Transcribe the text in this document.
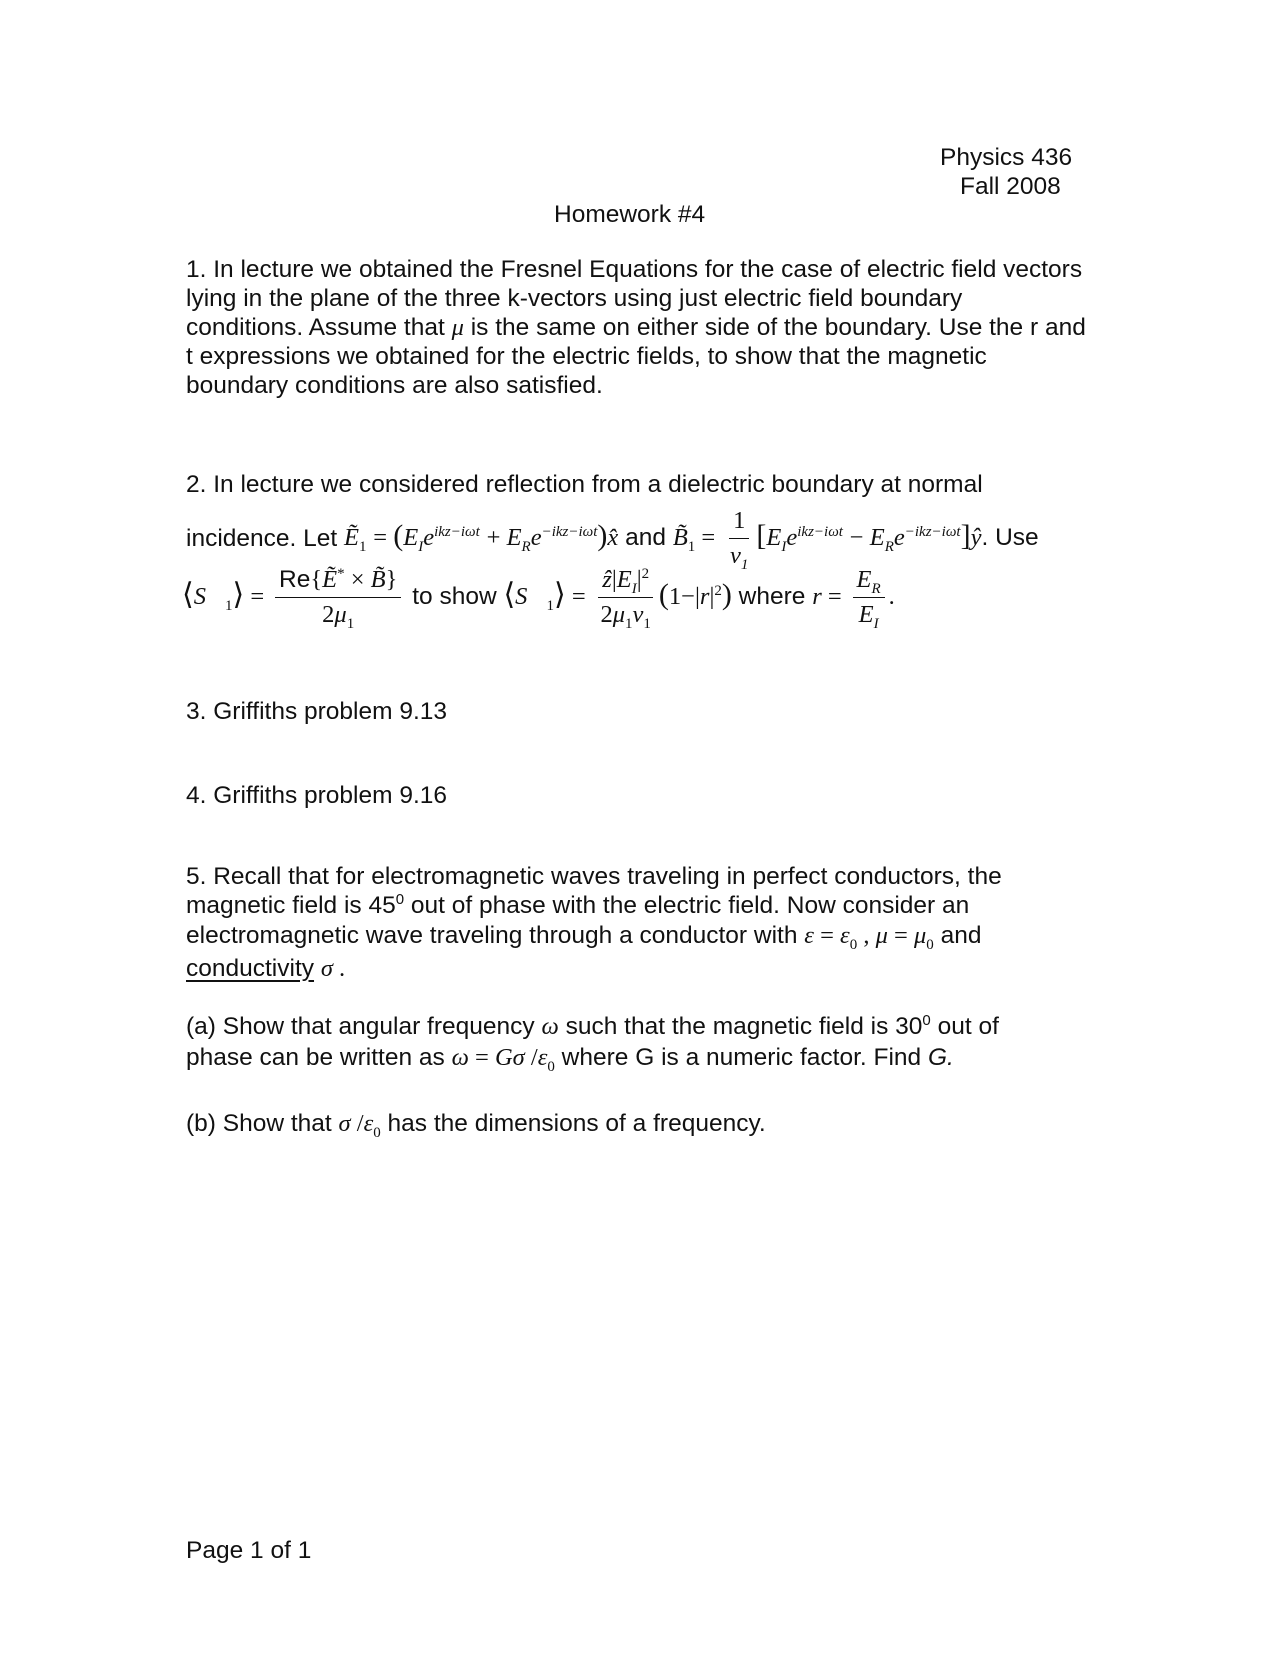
Physics 436
Fall 2008
Homework #4
1. In lecture we obtained the Fresnel Equations for the case of electric field vectors lying in the plane of the three k-vectors using just electric field boundary conditions. Assume that μ is the same on either side of the boundary. Use the r and t expressions we obtained for the electric fields, to show that the magnetic boundary conditions are also satisfied.
2. In lecture we considered reflection from a dielectric boundary at normal
incidence. Let Ẽ$_1$ = ($E_Ie^{ikz-i\omega t}$ + $E_Re^{-ikz-i\omega t})x̂$ and $B̃_1 = \frac{1}{v_1} [E_Ie^{ikz-i\omega t}$ − $E_Re^{-ikz-i\omega t}]ŷ$. Use
$⟨S⃗_1⟩ = \frac{Re\{Ẽ^* \times B̃\}}{2\mu_1}$ to show $⟨S⃗_1⟩ = \frac{ẑ|E_I|^2}{2\mu_1v_1} (1-|r|^2)$ where $r = \frac{E_R}{E_I}$ .
3. Griffiths problem 9.13
4. Griffiths problem 9.16
5. Recall that for electromagnetic waves traveling in perfect conductors, the
magnetic field is $45^0$ out of phase with the electric field. Now consider an
electromagnetic wave traveling through a conductor with $\varepsilon = \varepsilon_0$ , $\mu = \mu_0$ and
conductivity σ .
(a) Show that angular frequency ω such that the magnetic field is $30^0$ out of
phase can be written as ω = Gσ $/\varepsilon_0$ where G is a numeric factor. Find G.
(b) Show that σ $/\varepsilon_0$ has the dimensions of a frequency.
Page 1 of 1
